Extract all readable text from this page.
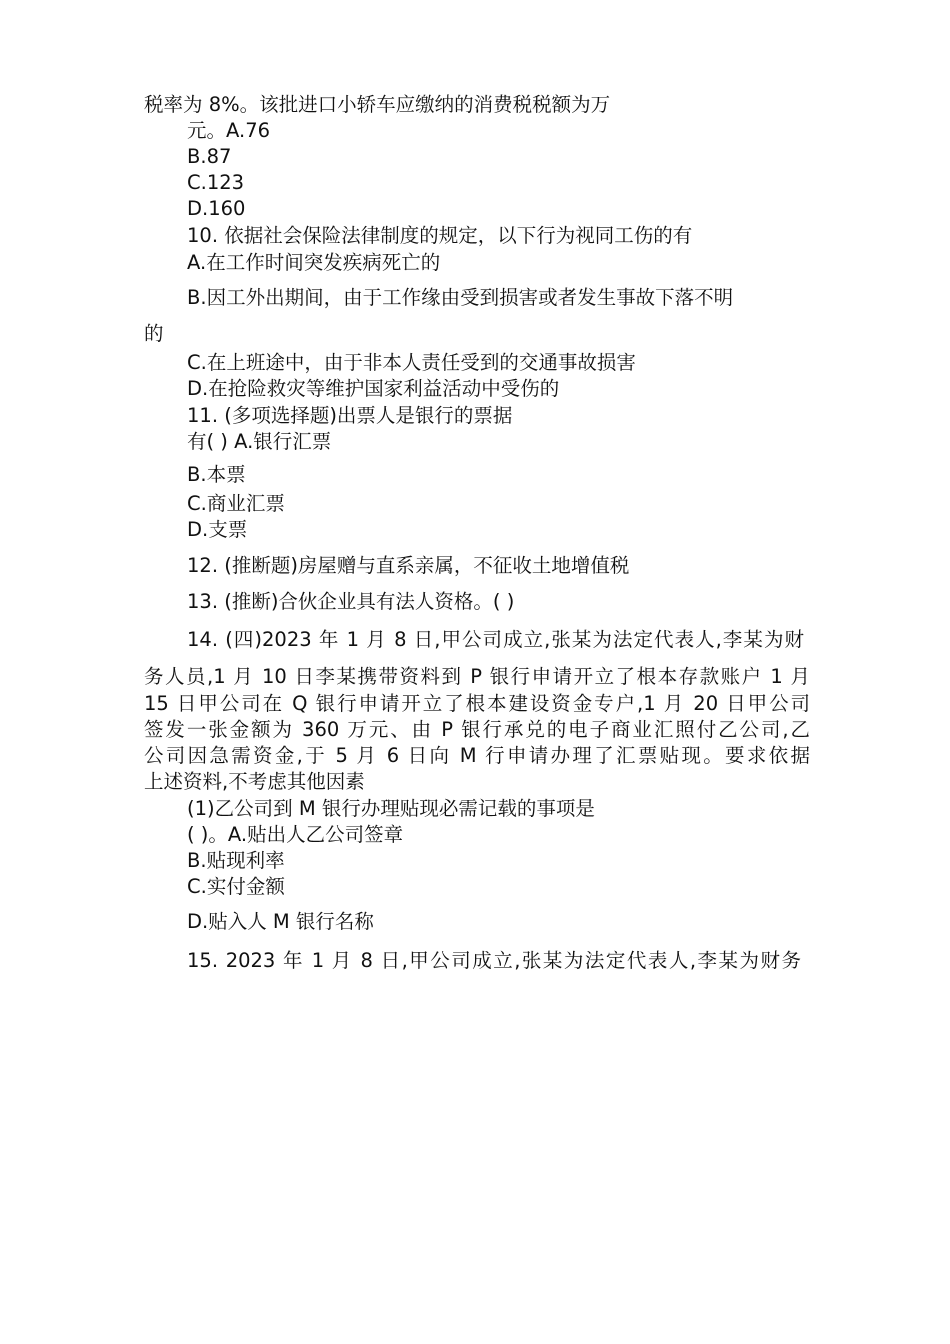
税率为 8%。该批进口小轿车应缴纳的消费税税额为万

元。A.76

B.87

C.123

D.160

10. 依据社会保险法律制度的规定，以下行为视同工伤的有

A.在工作时间突发疾病死亡的

B.因工外出期间，由于工作缘由受到损害或者发生事故下落不明

的

C.在上班途中，由于非本人责任受到的交通事故损害

D.在抢险救灾等维护国家利益活动中受伤的

11. (多项选择题)出票人是银行的票据

有( ) A.银行汇票

B.本票

C.商业汇票

D.支票

12. (推断题)房屋赠与直系亲属，不征收土地增值税

13. (推断)合伙企业具有法人资格。( )

14. (四)2023 年 1 月 8 日,甲公司成立,张某为法定代表人,李某为财

务人员,1 月 10 日李某携带资料到 P 银行申请开立了根本存款账户 1 月

15 日甲公司在 Q 银行申请开立了根本建设资金专户,1 月 20 日甲公司

签发一张金额为 360 万元、由 P 银行承兑的电子商业汇照付乙公司,乙

公司因急需资金,于 5 月 6 日向 M 行申请办理了汇票贴现。要求依据

上述资料,不考虑其他因素

(1)乙公司到 M 银行办理贴现必需记载的事项是

( )。A.贴出人乙公司签章

B.贴现利率

C.实付金额

D.贴入人 M 银行名称

15. 2023 年 1 月 8 日,甲公司成立,张某为法定代表人,李某为财务
